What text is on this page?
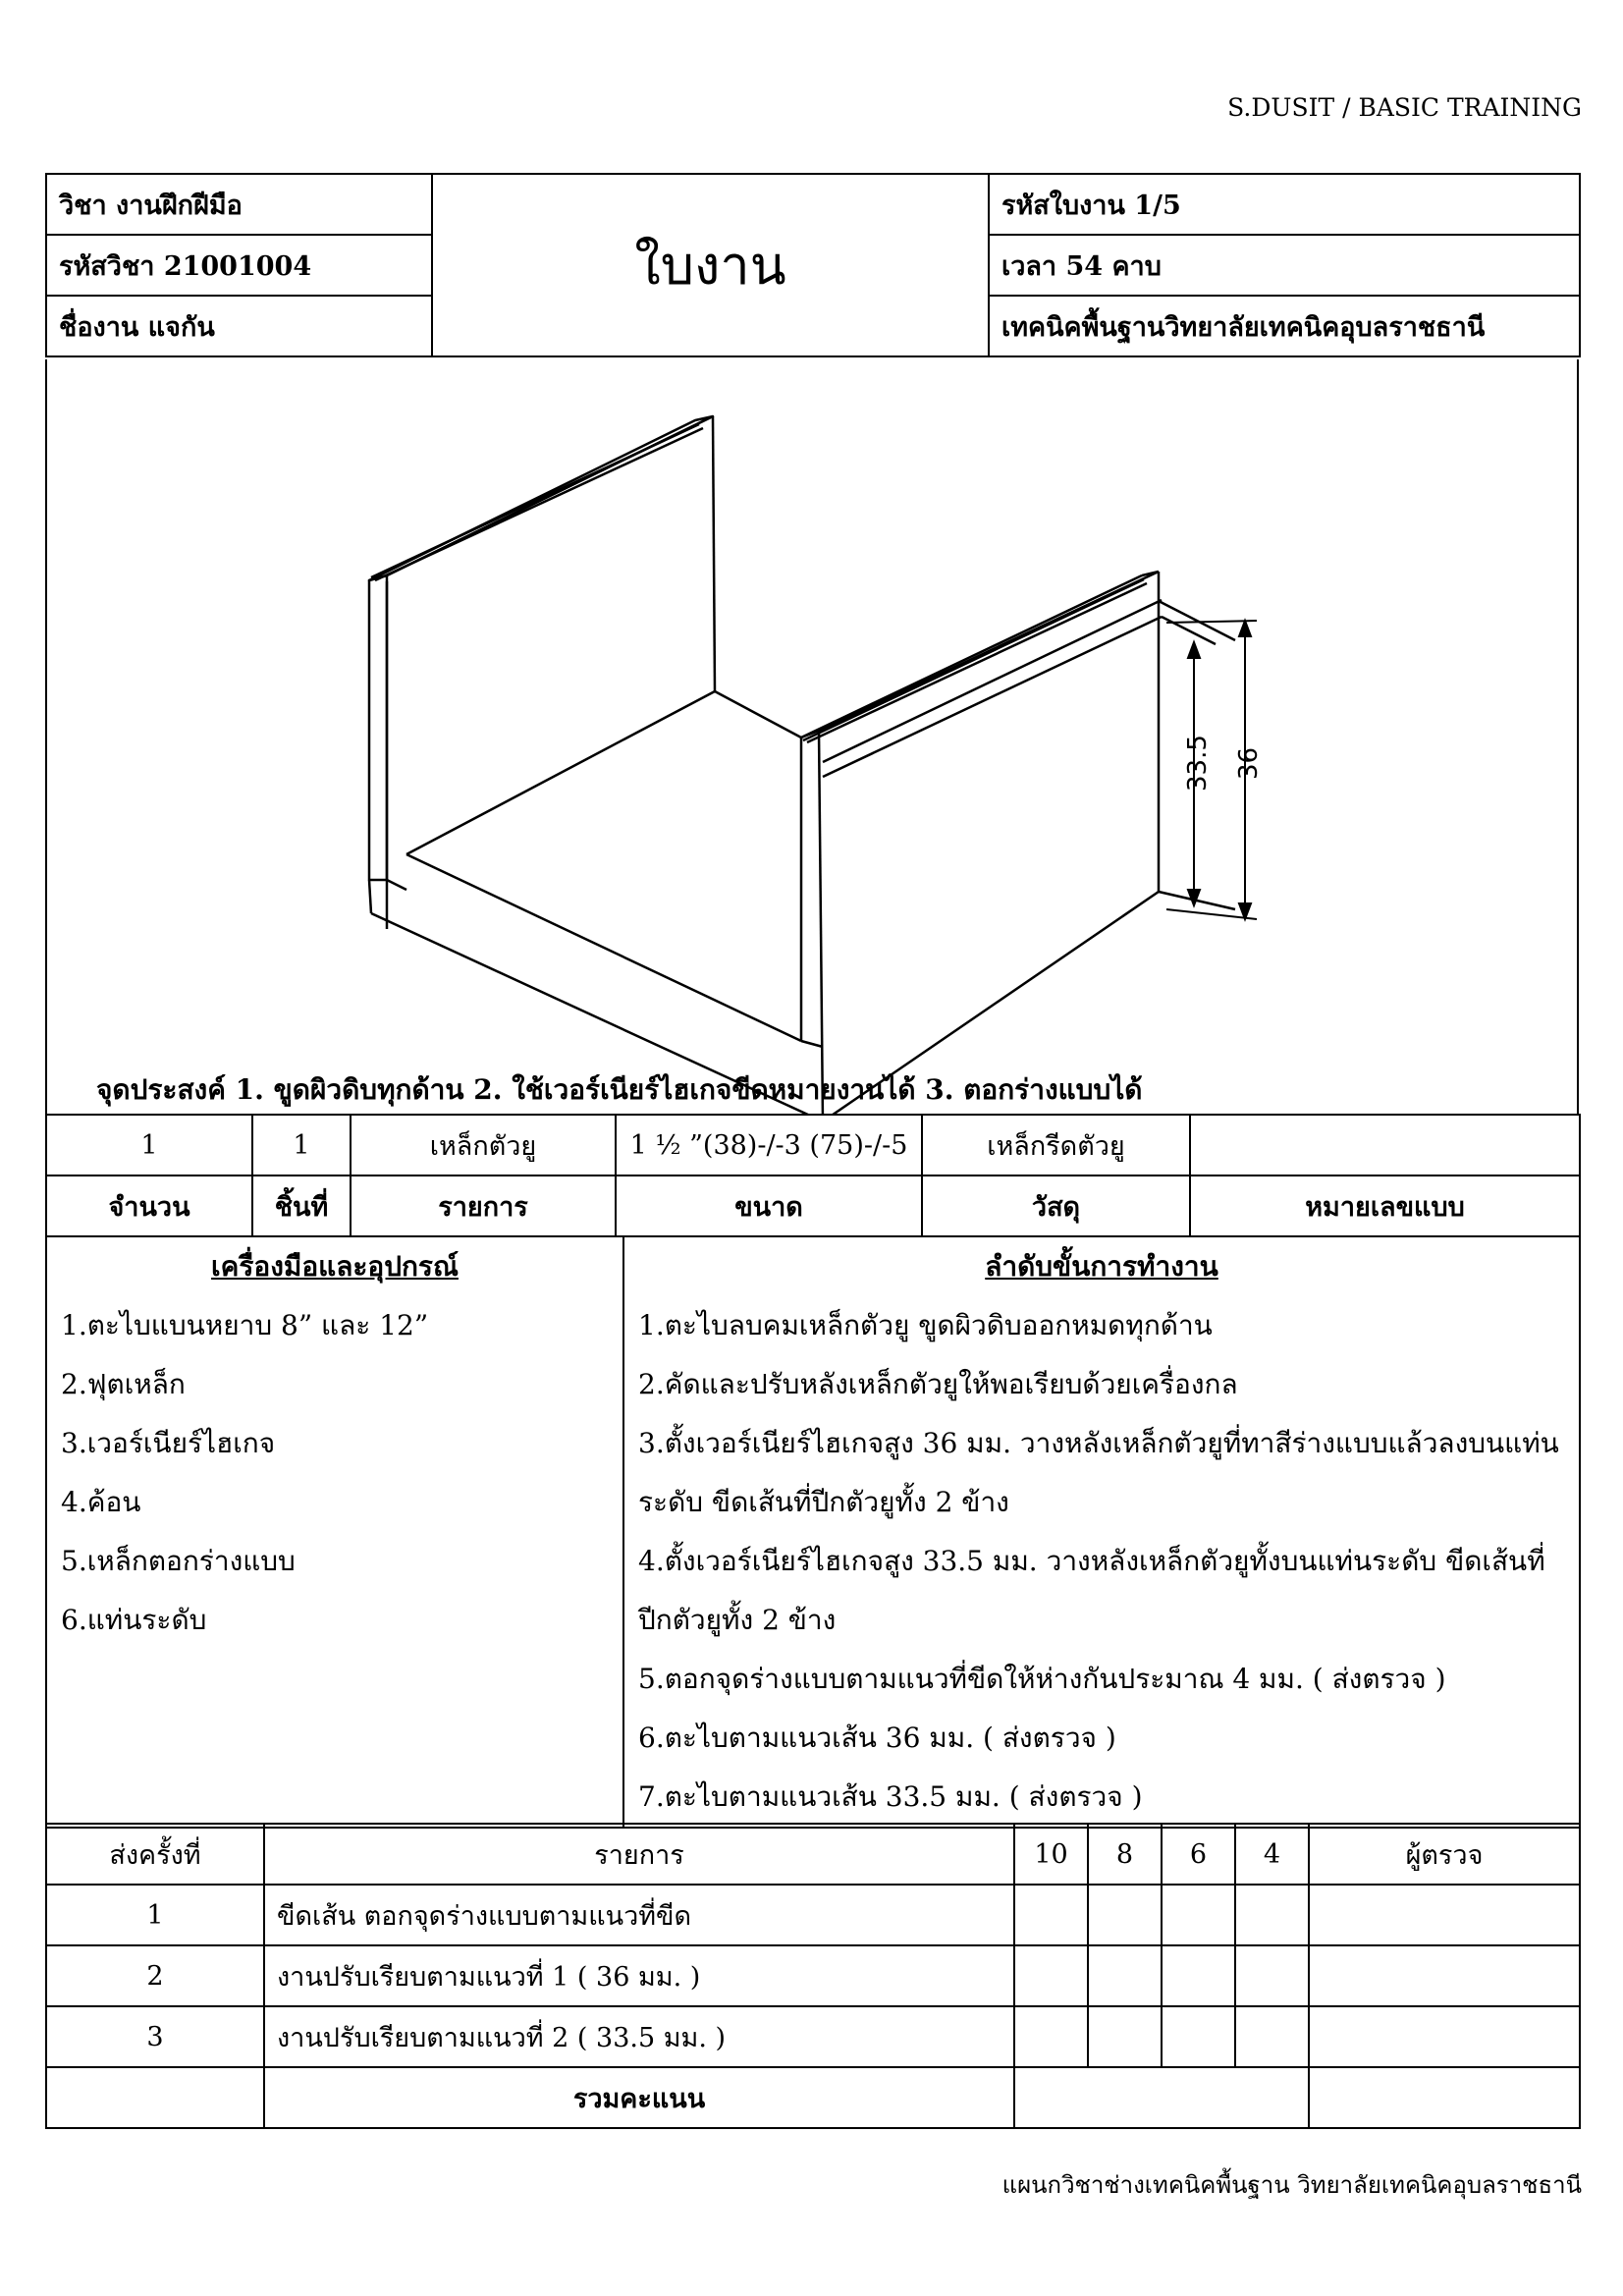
S.DUSIT / BASIC TRAINING
วิชา งานฝึกฝีมือ	ใบงาน	รหัสใบงาน 1/5
รหัสวิชา 21001004		เวลา 54 คาบ
ชื่องาน แจกัน		เทคนิคพื้นฐานวิทยาลัยเทคนิคอุบลราชธานี
33.5 36
จุดประสงค์ 1. ขูดผิวดิบทุกด้าน 2. ใช้เวอร์เนียร์ไฮเกจขีดหมายงานได้ 3. ตอกร่างแบบได้
1	1	เหล็กตัวยู	1 ½ ”(38)-/-3 (75)-/-5	เหล็กรีดตัวยู	
จำนวน	ชิ้นที่	รายการ	ขนาด	วัสดุ	หมายเลขแบบ
เครื่องมือและอุปกรณ์
1.ตะไบแบนหยาบ 8” และ 12”
2.ฟุตเหล็ก
3.เวอร์เนียร์ไฮเกจ
4.ค้อน
5.เหล็กตอกร่างแบบ
6.แท่นระดับ

ลำดับขั้นการทำงาน
1.ตะไบลบคมเหล็กตัวยู ขูดผิวดิบออกหมดทุกด้าน
2.คัดและปรับหลังเหล็กตัวยูให้พอเรียบด้วยเครื่องกล
3.ตั้งเวอร์เนียร์ไฮเกจสูง 36 มม. วางหลังเหล็กตัวยูที่ทาสีร่างแบบแล้วลงบนแท่น
ระดับ ขีดเส้นที่ปีกตัวยูทั้ง 2 ข้าง
4.ตั้งเวอร์เนียร์ไฮเกจสูง 33.5 มม. วางหลังเหล็กตัวยูทั้งบนแท่นระดับ ขีดเส้นที่
ปีกตัวยูทั้ง 2 ข้าง
5.ตอกจุดร่างแบบตามแนวที่ขีดให้ห่างกันประมาณ 4 มม. ( ส่งตรวจ )
6.ตะไบตามแนวเส้น 36 มม. ( ส่งตรวจ )
7.ตะไบตามแนวเส้น 33.5 มม. ( ส่งตรวจ )
ส่งครั้งที่	รายการ	10	8	6	4	ผู้ตรวจ
1	ขีดเส้น ตอกจุดร่างแบบตามแนวที่ขีด					
2	งานปรับเรียบตามแนวที่ 1 ( 36 มม. )					
3	งานปรับเรียบตามแนวที่ 2 ( 33.5 มม. )					
	รวมคะแนน					
แผนกวิชาช่างเทคนิคพื้นฐาน วิทยาลัยเทคนิคอุบลราชธานี
